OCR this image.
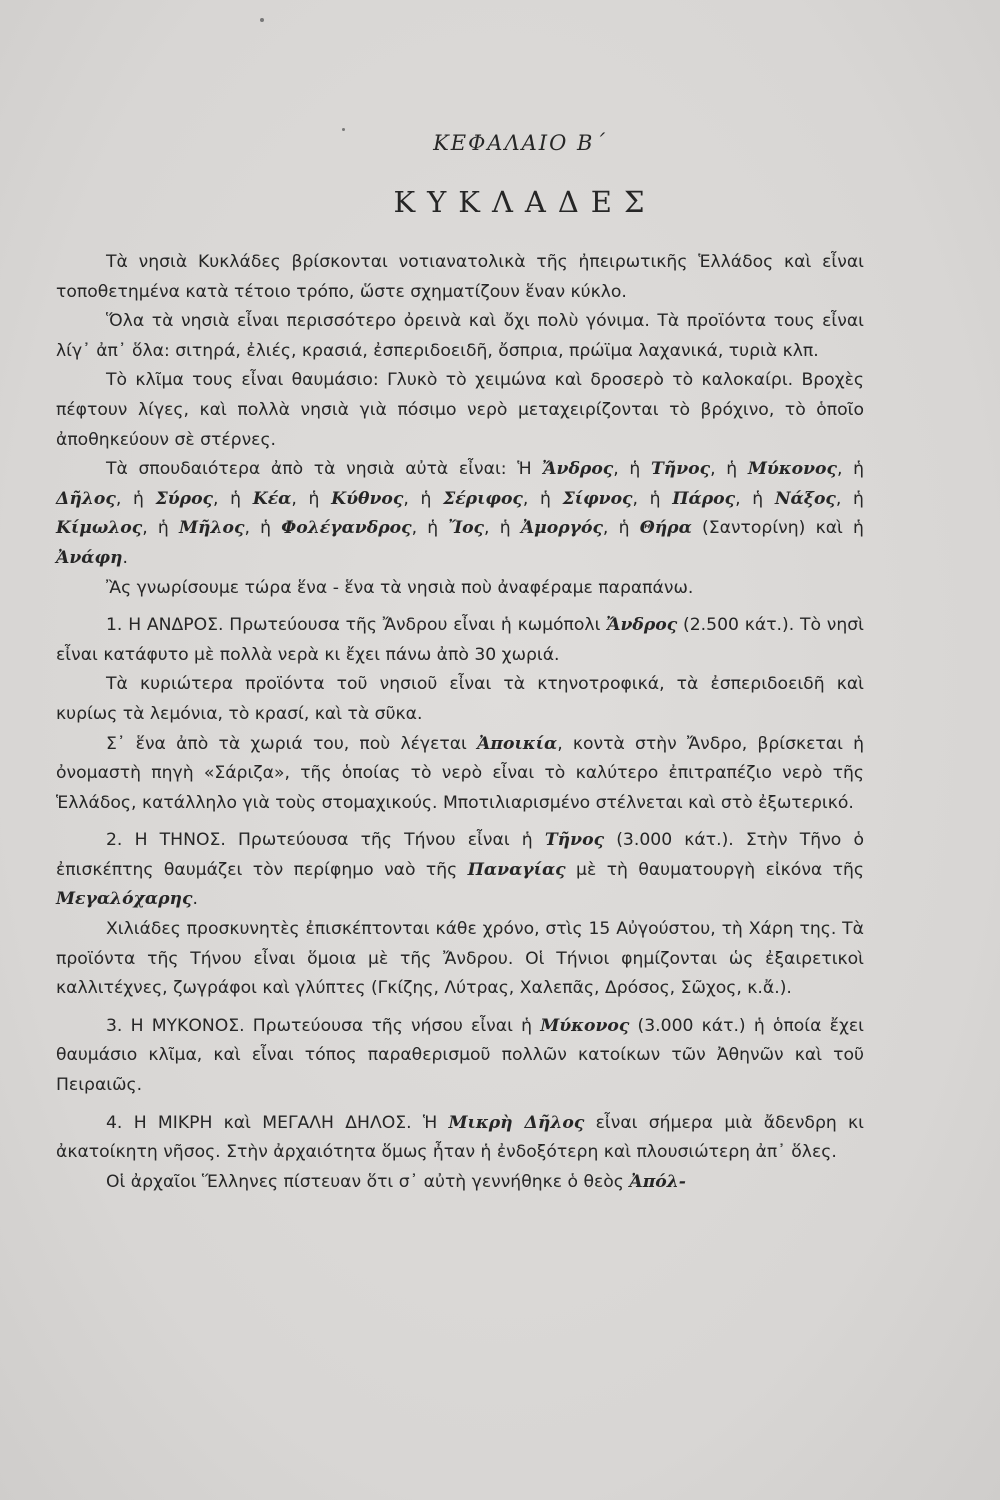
ΚΕΦΑΛΑΙΟ Β΄
ΚΥΚΛΑΔΕΣ

Τὰ νησιὰ Κυκλάδες βρίσκονται νοτιανατολικὰ τῆς ἠπειρωτικῆς Ἑλλάδος καὶ εἶναι τοποθετημένα κατὰ τέτοιο τρόπο, ὥστε σχηματίζουν ἕναν κύκλο.

Ὅλα τὰ νησιὰ εἶναι περισσότερο ὀρεινὰ καὶ ὄχι πολὺ γόνιμα. Τὰ προϊόντα τους εἶναι λίγ᾽ ἀπ᾽ ὅλα: σιτηρά, ἐλιές, κρασιά, ἐσπεριδοειδῆ, ὄσπρια, πρώϊμα λαχανικά, τυριὰ κλπ.

Τὸ κλῖμα τους εἶναι θαυμάσιο: Γλυκὸ τὸ χειμώνα καὶ δροσερὸ τὸ καλοκαίρι. Βροχὲς πέφτουν λίγες, καὶ πολλὰ νησιὰ γιὰ πόσιμο νερὸ μεταχειρίζονται τὸ βρόχινο, τὸ ὁποῖο ἀποθηκεύουν σὲ στέρνες.

Τὰ σπουδαιότερα ἀπὸ τὰ νησιὰ αὐτὰ εἶναι: Ἡ Ἄνδρος, ἡ Τῆνος, ἡ Μύκονος, ἡ Δῆλος, ἡ Σύρος, ἡ Κέα, ἡ Κύθνος, ἡ Σέριφος, ἡ Σίφνος, ἡ Πάρος, ἡ Νάξος, ἡ Κίμωλος, ἡ Μῆλος, ἡ Φολέγανδρος, ἡ Ἴος, ἡ Ἀμοργός, ἡ Θήρα (Σαντορίνη) καὶ ἡ Ἀνάφη.

Ἂς γνωρίσουμε τώρα ἕνα - ἕνα τὰ νησιὰ ποὺ ἀναφέραμε παραπάνω.

1. Η ΑΝΔΡΟΣ. Πρωτεύουσα τῆς Ἄνδρου εἶναι ἡ κωμόπολι Ἄνδρος (2.500 κάτ.). Τὸ νησὶ εἶναι κατάφυτο μὲ πολλὰ νερὰ κι ἔχει πάνω ἀπὸ 30 χωριά.

Τὰ κυριώτερα προϊόντα τοῦ νησιοῦ εἶναι τὰ κτηνοτροφικά, τὰ ἐσπεριδοειδῆ καὶ κυρίως τὰ λεμόνια, τὸ κρασί, καὶ τὰ σῦκα.

Σ᾽ ἕνα ἀπὸ τὰ χωριά του, ποὺ λέγεται Ἀποικία, κοντὰ στὴν Ἄνδρο, βρίσκεται ἡ ὀνομαστὴ πηγὴ «Σάριζα», τῆς ὁποίας τὸ νερὸ εἶναι τὸ καλύτερο ἐπιτραπέζιο νερὸ τῆς Ἑλλάδος, κατάλληλο γιὰ τοὺς στομαχικούς. Μποτιλιαρισμένο στέλνεται καὶ στὸ ἐξωτερικό.

2. Η ΤΗΝΟΣ. Πρωτεύουσα τῆς Τήνου εἶναι ἡ Τῆνος (3.000 κάτ.). Στὴν Τῆνο ὁ ἐπισκέπτης θαυμάζει τὸν περίφημο ναὸ τῆς Παναγίας μὲ τὴ θαυματουργὴ εἰκόνα τῆς Μεγαλόχαρης.

Χιλιάδες προσκυνητὲς ἐπισκέπτονται κάθε χρόνο, στὶς 15 Αὐγούστου, τὴ Χάρη της. Τὰ προϊόντα τῆς Τήνου εἶναι ὅμοια μὲ τῆς Ἄνδρου. Οἱ Τήνιοι φημίζονται ὡς ἐξαιρετικοὶ καλλιτέχνες, ζωγράφοι καὶ γλύπτες (Γκίζης, Λύτρας, Χαλεπᾶς, Δρόσος, Σῶχος, κ.ἄ.).

3. Η ΜΥΚΟΝΟΣ. Πρωτεύουσα τῆς νήσου εἶναι ἡ Μύκονος (3.000 κάτ.) ἡ ὁποία ἔχει θαυμάσιο κλῖμα, καὶ εἶναι τόπος παραθερισμοῦ πολλῶν κατοίκων τῶν Ἀθηνῶν καὶ τοῦ Πειραιῶς.

4. Η ΜΙΚΡΗ καὶ ΜΕΓΑΛΗ ΔΗΛΟΣ. Ἡ Μικρὴ Δῆλος εἶναι σήμερα μιὰ ἄδενδρη κι ἀκατοίκητη νῆσος. Στὴν ἀρχαιότητα ὅμως ἦταν ἡ ἐνδοξότερη καὶ πλουσιώτερη ἀπ᾽ ὅλες.

Οἱ ἀρχαῖοι Ἕλληνες πίστευαν ὅτι σ᾽ αὐτὴ γεννήθηκε ὁ θεὸς Ἀπόλ-
